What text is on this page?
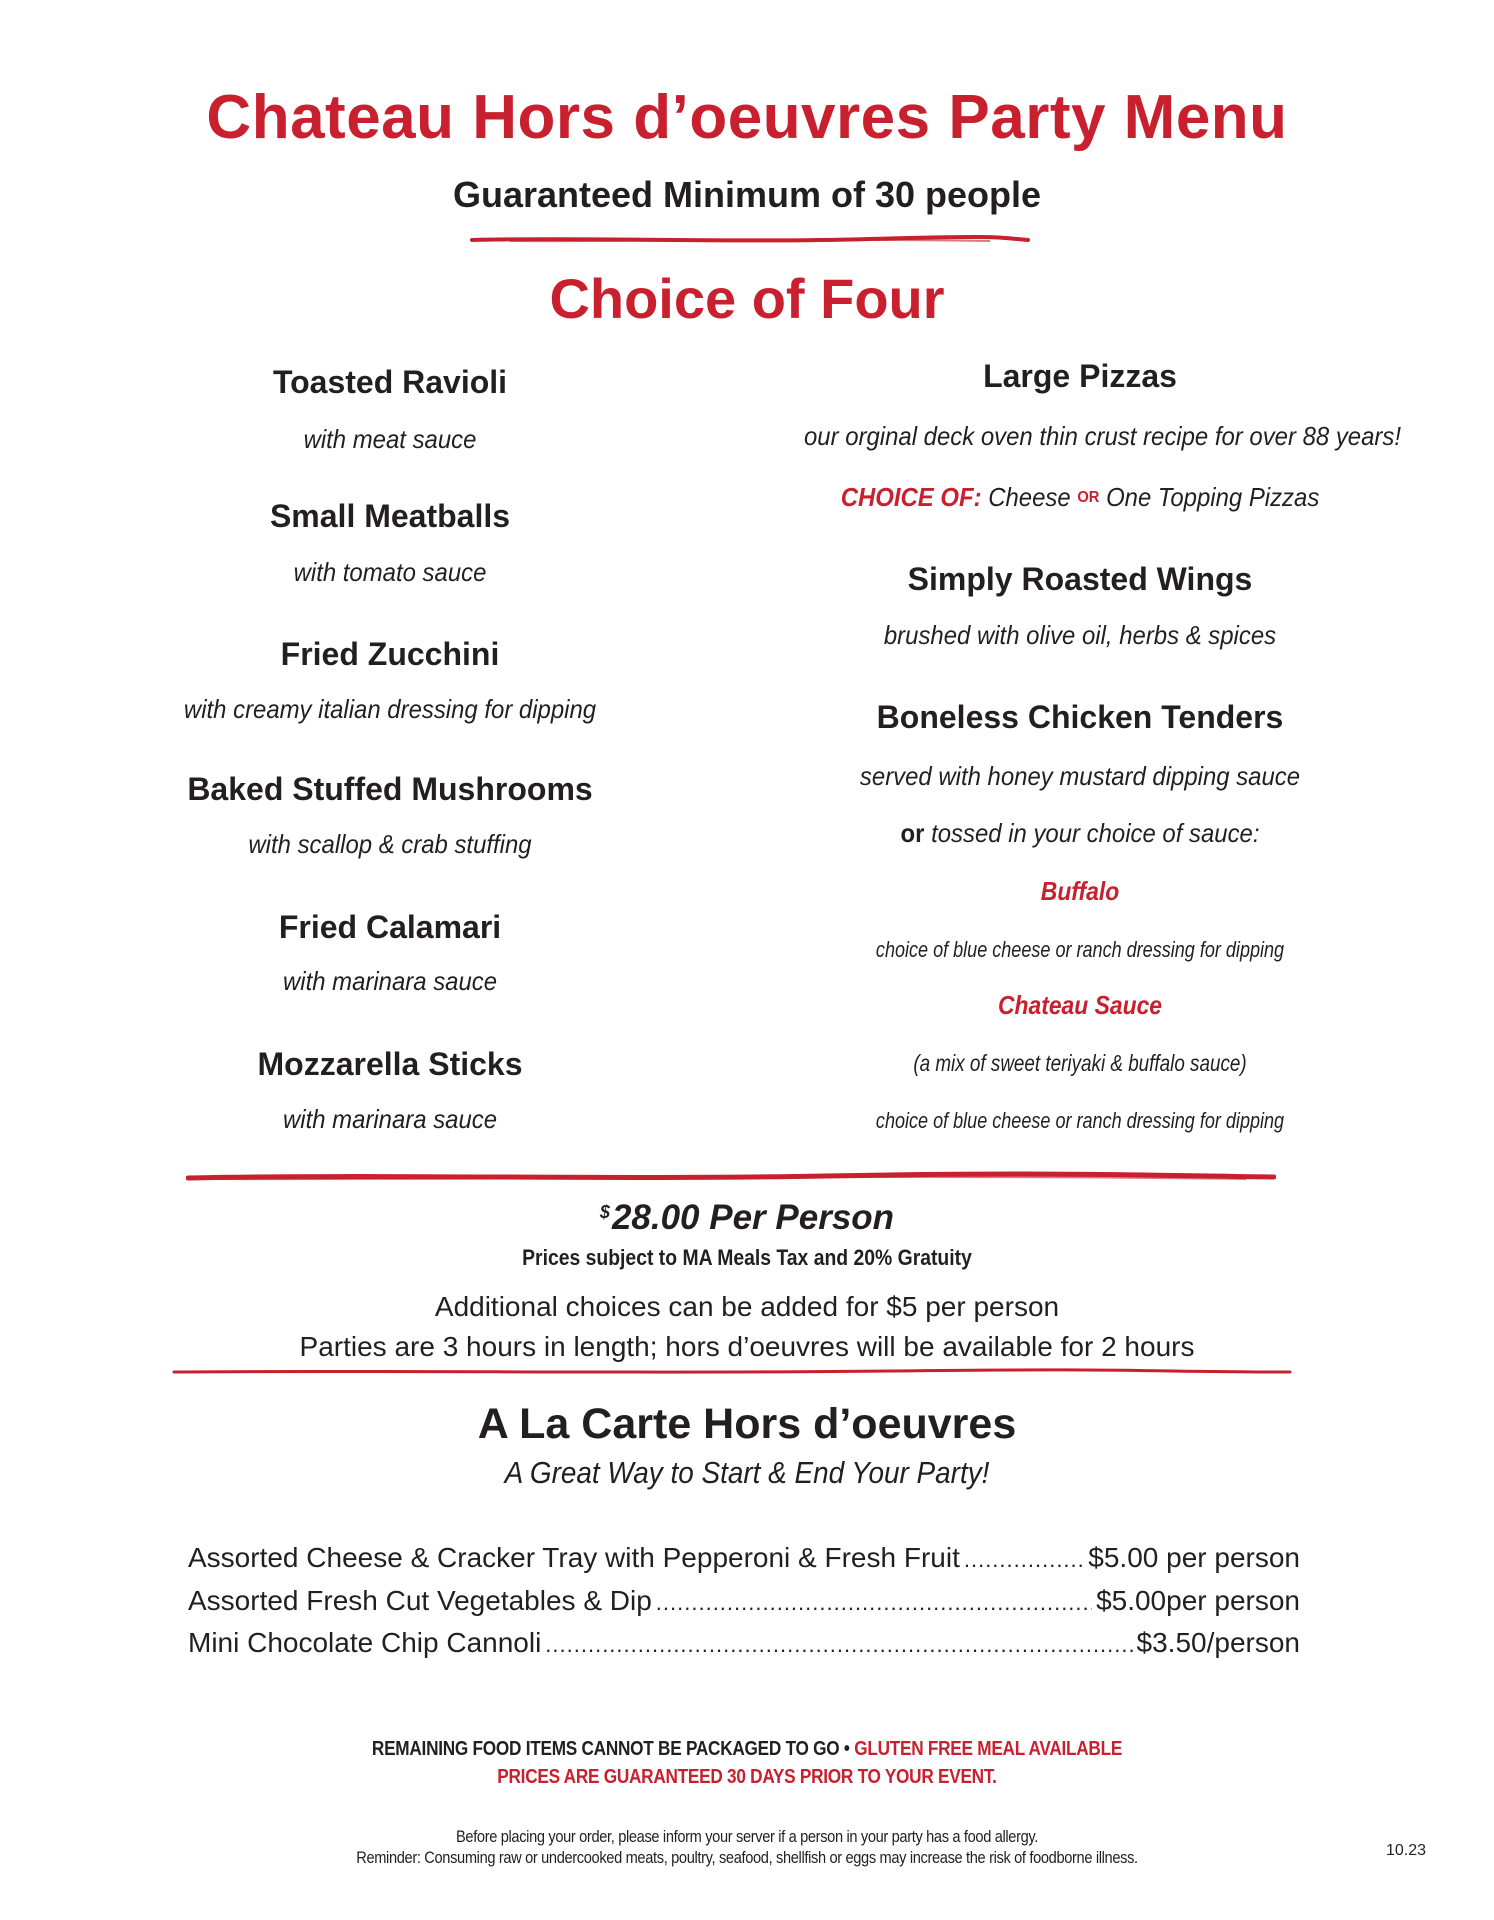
Chateau Hors d’oeuvres Party Menu
Guaranteed Minimum of 30 people
Choice of Four
Toasted Ravioli
with meat sauce
Small Meatballs
with tomato sauce
Fried Zucchini
with creamy italian dressing for dipping
Baked Stuffed Mushrooms
with scallop & crab stuffing
Fried Calamari
with marinara sauce
Mozzarella Sticks
with marinara sauce
Large Pizzas
our orginal deck oven thin crust recipe for over 88 years!
CHOICE OF: Cheese OR One Topping Pizzas
Simply Roasted Wings
brushed with olive oil, herbs & spices
Boneless Chicken Tenders
served with honey mustard dipping sauce
or tossed in your choice of sauce:
Buffalo
choice of blue cheese or ranch dressing for dipping
Chateau Sauce
(a mix of sweet teriyaki & buffalo sauce)
choice of blue cheese or ranch dressing for dipping
$28.00 Per Person
Prices subject to MA Meals Tax and 20% Gratuity
Additional choices can be added for $5 per person
Parties are 3 hours in length; hors d’oeuvres will be available for 2 hours
A La Carte Hors d’oeuvres
A Great Way to Start & End Your Party!
Assorted Cheese & Cracker Tray with Pepperoni & Fresh Fruit .....	$5.00 per person
Assorted Fresh Cut Vegetables & Dip .....	$5.00per person
Mini Chocolate Chip Cannoli .....	$3.50/person
REMAINING FOOD ITEMS CANNOT BE PACKAGED TO GO • GLUTEN FREE MEAL AVAILABLE
PRICES ARE GUARANTEED 30 DAYS PRIOR TO YOUR EVENT.
Before placing your order, please inform your server if a person in your party has a food allergy.
Reminder: Consuming raw or undercooked meats, poultry, seafood, shellfish or eggs may increase the risk of foodborne illness.	10.23
